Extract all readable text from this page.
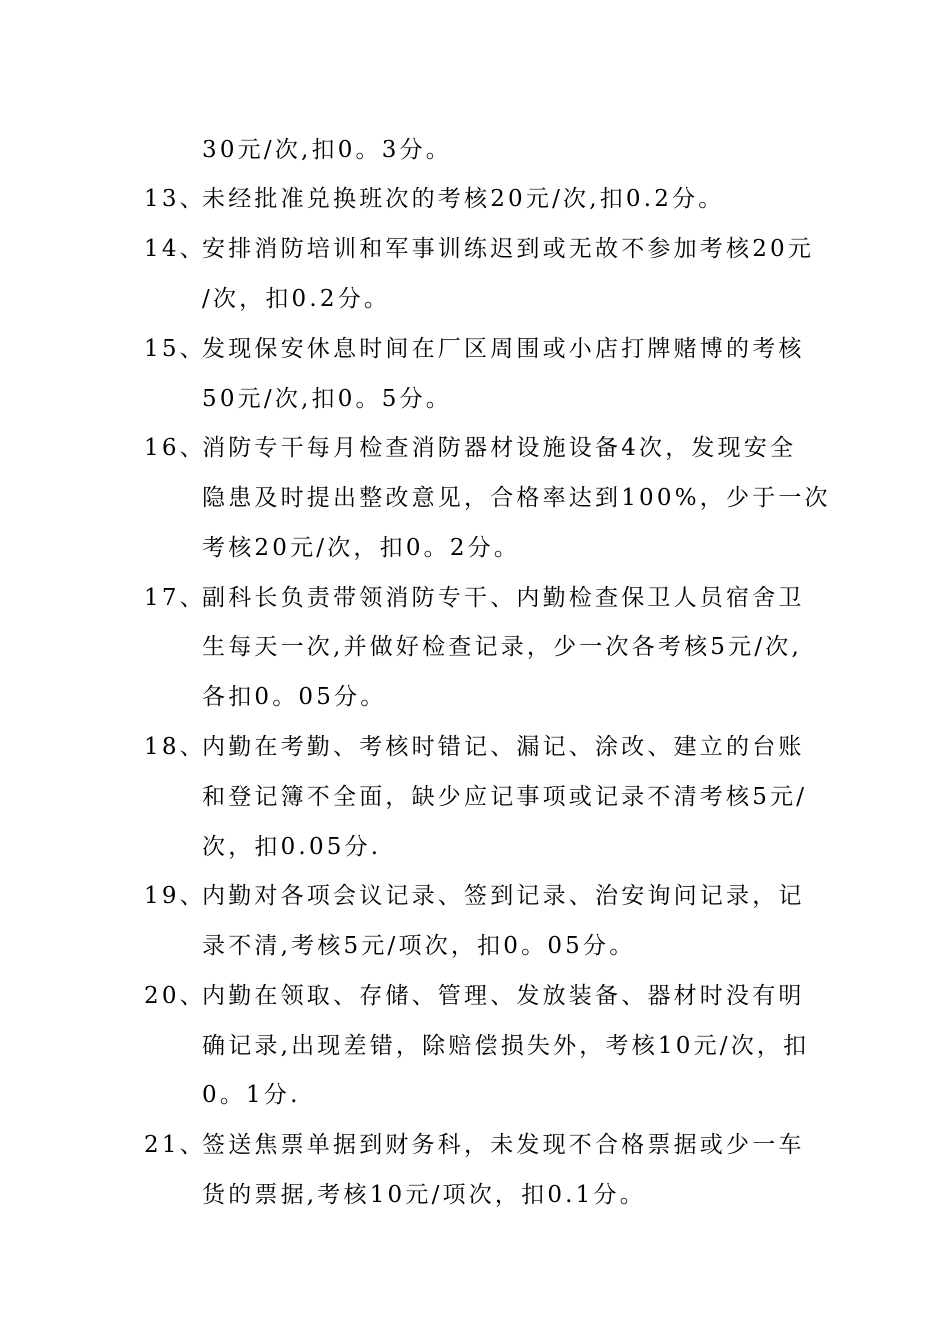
30元/次,扣0。3分。
13、
未经批准兑换班次的考核20元/次,扣0.2分。
14、
安排消防培训和军事训练迟到或无故不参加考核20元
/次，扣0.2分。
15、
发现保安休息时间在厂区周围或小店打牌赌博的考核
50元/次,扣0。5分。
16、
消防专干每月检查消防器材设施设备4次，发现安全
隐患及时提出整改意见，合格率达到100%，少于一次
考核20元/次，扣0。2分。
17、
副科长负责带领消防专干、内勤检查保卫人员宿舍卫
生每天一次,并做好检查记录，少一次各考核5元/次,
各扣0。05分。
18、
内勤在考勤、考核时错记、漏记、涂改、建立的台账
和登记簿不全面，缺少应记事项或记录不清考核5元/
次，扣0.05分.
19、
内勤对各项会议记录、签到记录、治安询问记录，记
录不清,考核5元/项次，扣0。05分。
20、
内勤在领取、存储、管理、发放装备、器材时没有明
确记录,出现差错，除赔偿损失外，考核10元/次，扣
0。1分.
21、
签送焦票单据到财务科，未发现不合格票据或少一车
货的票据,考核10元/项次，扣0.1分。
